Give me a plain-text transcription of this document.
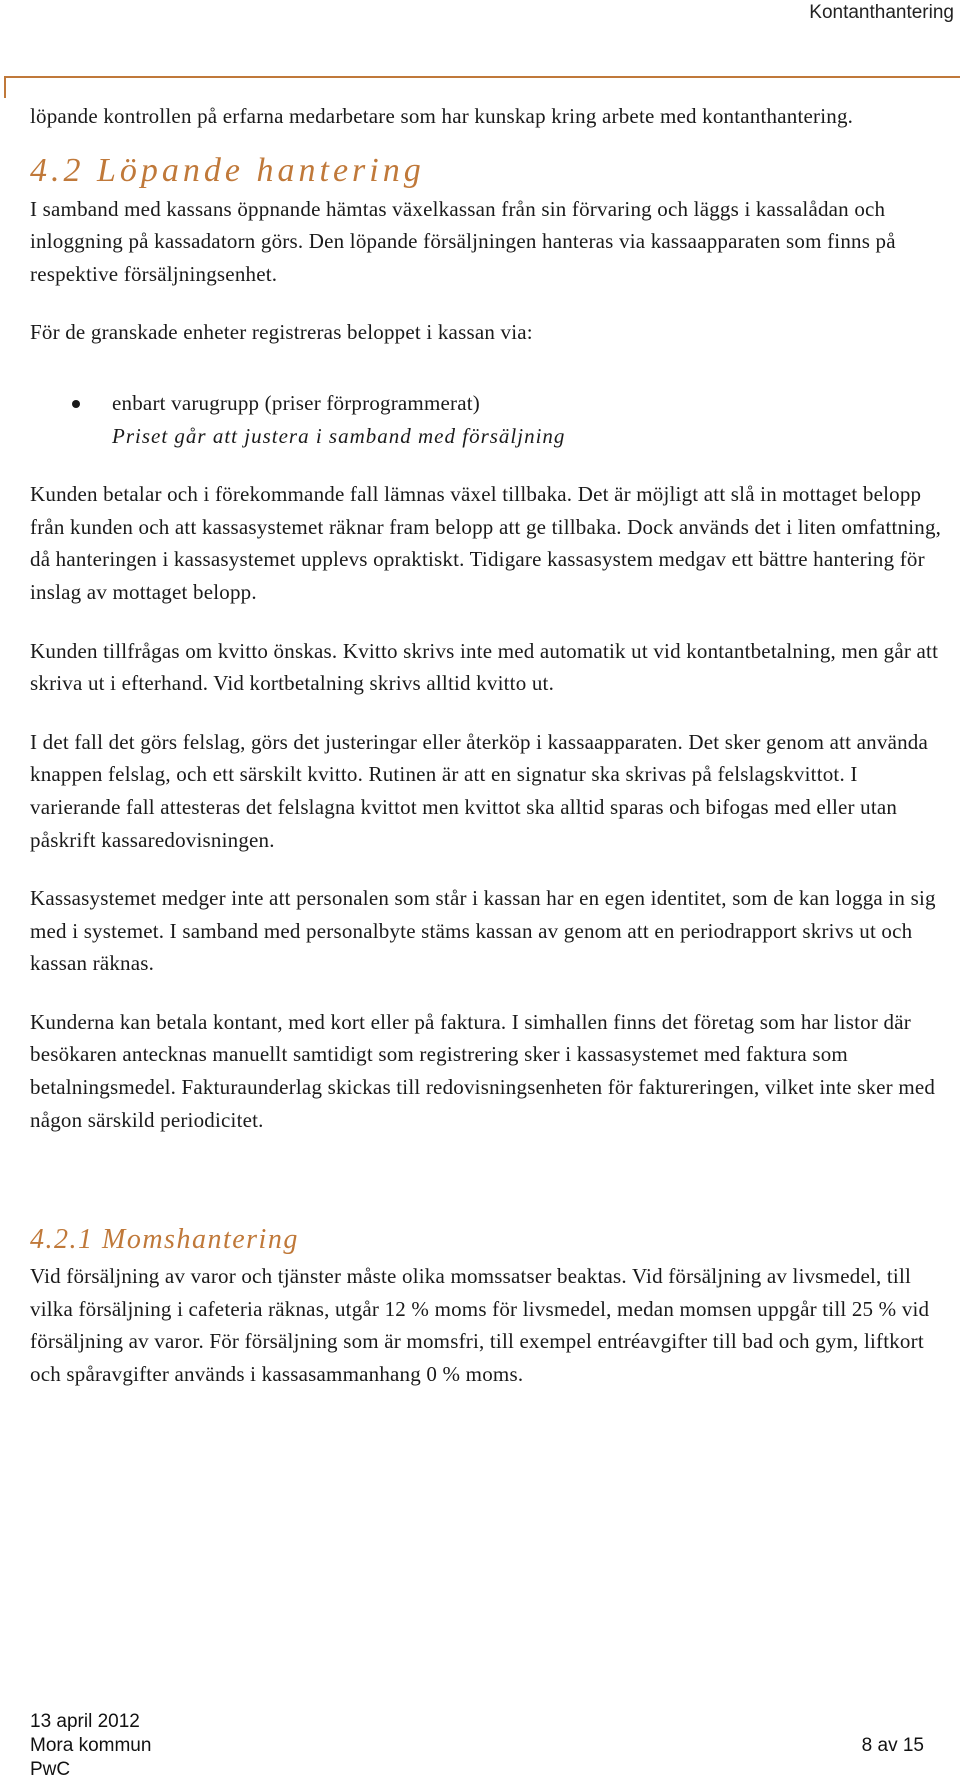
Kontanthantering

löpande kontrollen på erfarna medarbetare som har kunskap kring arbete med kontanthantering.

4.2 Löpande hantering

I samband med kassans öppnande hämtas växelkassan från sin förvaring och läggs i kassalådan och inloggning på kassadatorn görs. Den löpande försäljningen hanteras via kassaapparaten som finns på respektive försäljningsenhet.

För de granskade enheter registreras beloppet i kassan via:

enbart varugrupp (priser förprogrammerat)
Priset går att justera i samband med försäljning

Kunden betalar och i förekommande fall lämnas växel tillbaka. Det är möjligt att slå in mottaget belopp från kunden och att kassasystemet räknar fram belopp att ge tillbaka. Dock används det i liten omfattning, då hanteringen i kassasystemet upplevs opraktiskt. Tidigare kassasystem medgav ett bättre hantering för inslag av mottaget belopp.

Kunden tillfrågas om kvitto önskas. Kvitto skrivs inte med automatik ut vid kontantbetalning, men går att skriva ut i efterhand. Vid kortbetalning skrivs alltid kvitto ut.

I det fall det görs felslag, görs det justeringar eller återköp i kassaapparaten. Det sker genom att använda knappen felslag, och ett särskilt kvitto. Rutinen är att en signatur ska skrivas på felslagskvittot. I varierande fall attesteras det felslagna kvittot men kvittot ska alltid sparas och bifogas med eller utan påskrift kassaredovisningen.

Kassasystemet medger inte att personalen som står i kassan har en egen identitet, som de kan logga in sig med i systemet. I samband med personalbyte stäms kassan av genom att en periodrapport skrivs ut och kassan räknas.

Kunderna kan betala kontant, med kort eller på faktura. I simhallen finns det företag som har listor där besökaren antecknas manuellt samtidigt som registrering sker i kassasystemet med faktura som betalningsmedel. Fakturaunderlag skickas till redovisningsenheten för faktureringen, vilket inte sker med någon särskild periodicitet.

4.2.1 Momshantering

Vid försäljning av varor och tjänster måste olika momssatser beaktas. Vid försäljning av livsmedel, till vilka försäljning i cafeteria räknas, utgår 12 % moms för livsmedel, medan momsen uppgår till 25 % vid försäljning av varor. För försäljning som är momsfri, till exempel entréavgifter till bad och gym, liftkort och spåravgifter används i kassasammanhang 0 % moms.

13 april 2012
Mora kommun
PwC
8 av 15
